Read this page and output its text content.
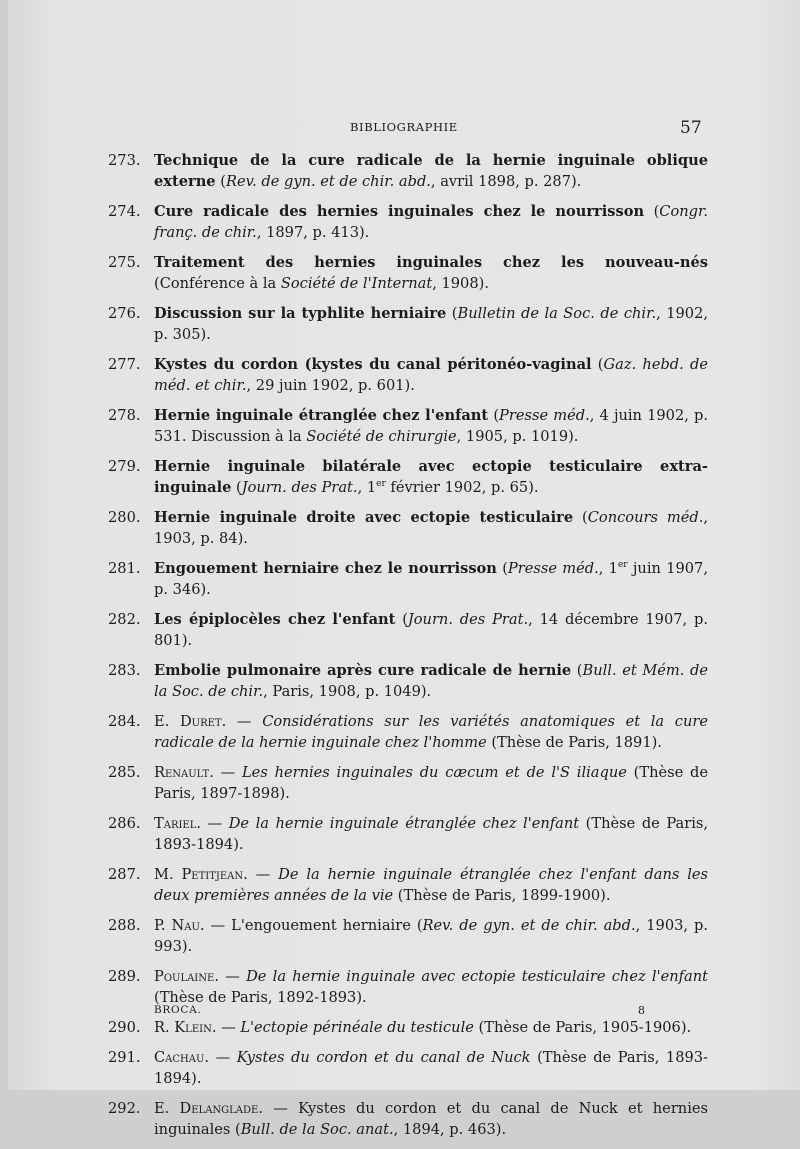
BIBLIOGRAPHIE	57
273. Technique de la cure radicale de la hernie inguinale oblique externe (Rev. de gyn. et de chir. abd., avril 1898, p. 287).
274. Cure radicale des hernies inguinales chez le nourrisson (Congr. franç. de chir., 1897, p. 413).
275. Traitement des hernies inguinales chez les nouveau-nés (Conférence à la Société de l'Internat, 1908).
276. Discussion sur la typhlite herniaire (Bulletin de la Soc. de chir., 1902, p. 305).
277. Kystes du cordon (kystes du canal péritonéo-vaginal (Gaz. hebd. de méd. et chir., 29 juin 1902, p. 601).
278. Hernie inguinale étranglée chez l'enfant (Presse méd., 4 juin 1902, p. 531. Discussion à la Société de chirurgie, 1905, p. 1019).
279. Hernie inguinale bilatérale avec ectopie testiculaire extra-inguinale (Journ. des Prat., 1er février 1902, p. 65).
280. Hernie inguinale droite avec ectopie testiculaire (Concours méd., 1903, p. 84).
281. Engouement herniaire chez le nourrisson (Presse méd., 1er juin 1907, p. 346).
282. Les épiplocèles chez l'enfant (Journ. des Prat., 14 décembre 1907, p. 801).
283. Embolie pulmonaire après cure radicale de hernie (Bull. et Mém. de la Soc. de chir., Paris, 1908, p. 1049).
284. E. Duret. — Considérations sur les variétés anatomiques et la cure radicale de la hernie inguinale chez l'homme (Thèse de Paris, 1891).
285. Renault. — Les hernies inguinales du cæcum et de l'S iliaque (Thèse de Paris, 1897-1898).
286. Tariel. — De la hernie inguinale étranglée chez l'enfant (Thèse de Paris, 1893-1894).
287. M. Petitjean. — De la hernie inguinale étranglée chez l'enfant dans les deux premières années de la vie (Thèse de Paris, 1899-1900).
288. P. Nau. — L'engouement herniaire (Rev. de gyn. et de chir. abd., 1903, p. 993).
289. Poulaine. — De la hernie inguinale avec ectopie testiculaire chez l'enfant (Thèse de Paris, 1892-1893).
290. R. Klein. — L'ectopie périnéale du testicule (Thèse de Paris, 1905-1906).
291. Cachau. — Kystes du cordon et du canal de Nuck (Thèse de Paris, 1893-1894).
292. E. Delanglade. — Kystes du cordon et du canal de Nuck et hernies inguinales (Bull. de la Soc. anat., 1894, p. 463).
BROCA.	8
